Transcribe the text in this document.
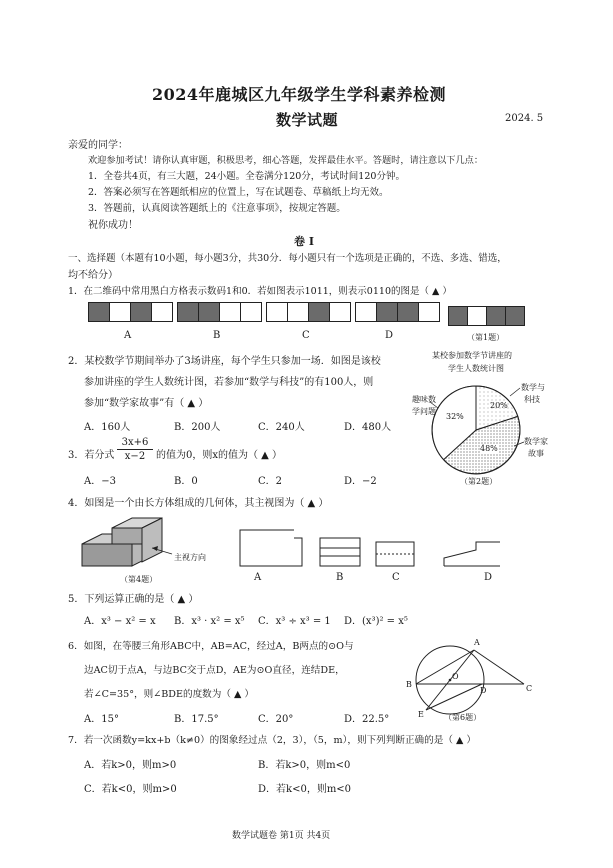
2024年鹿城区九年级学生学科素养检测
数学试题	2024. 5
亲爱的同学：
欢迎参加考试！请你认真审题，积极思考，细心答题，发挥最佳水平。答题时，请注意以下几点：
1．全卷共4页，有三大题，24小题。全卷满分120分，考试时间120分钟。
2．答案必须写在答题纸相应的位置上，写在试题卷、草稿纸上均无效。
3．答题前，认真阅读答题纸上的《注意事项》，按规定答题。
祝你成功！
卷 I
一、选择题（本题有10小题，每小题3分，共30分．每小题只有一个选项是正确的，不选、多选、错选，
均不给分）
1．在二维码中常用黑白方格表示数码1和0．若如图表示1011，则表示0110的图是（ ▲ ）
A	B	C	D	（第1题）
2．某校数学节期间举办了3场讲座，每个学生只参加一场．如图是该校
参加讲座的学生人数统计图，若参加“数学与科技”的有100人，则
参加“数学家故事”有（ ▲ ）
A．160人	B．200人	C．240人	D．480人
某校参加数学节讲座的
学生人数统计图
数学与
科技
趣味数
学问题
数学家
故事
32%
20%
48%
（第2题）
3．若分式
3x+6
x−2	的值为0，则x的值为（ ▲ ）
A．−3	B．0	C．2	D．−2
4．如图是一个由长方体组成的几何体，其主视图为（ ▲ ）
主视方向
（第4题）	A	B	C	D
5．下列运算正确的是（ ▲ ）
A．x³ − x² = x B．x³ · x² = x⁵ C．x³ ÷ x³ = 1 D．(x³)² = x⁵
6．如图，在等腰三角形ABC中，AB=AC，经过A，B两点的⊙O与
边AC切于点A，与边BC交于点D，AE为⊙O直径，连结DE，
若∠C=35°，则∠BDE的度数为（ ▲ ）
A．15°	B．17.5°	C．20°	D．22.5°
A
B	C
D
E
O
（第6题）
7．若一次函数y=kx+b（k≠0）的图象经过点（2，3），（5，m），则下列判断正确的是（ ▲ ）
A．若k>0，则m>0	B．若k>0，则m<0
C．若k<0，则m>0	D．若k<0，则m<0
数学试题卷 第1页 共4页
